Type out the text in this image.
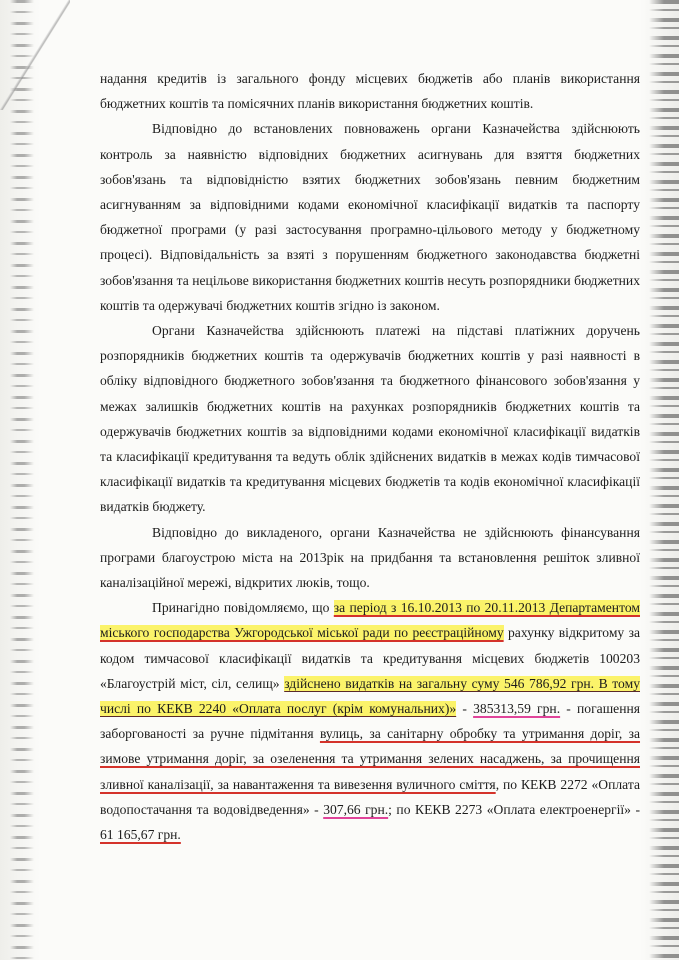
надання кредитів із загального фонду місцевих бюджетів або планів використання бюджетних коштів та помісячних планів використання бюджетних коштів.

Відповідно до встановлених повноважень органи Казначейства здійснюють контроль за наявністю відповідних бюджетних асигнувань для взяття бюджетних зобов'язань та відповідністю взятих бюджетних зобов'язань певним бюджетним асигнуванням за відповідними кодами економічної класифікації видатків та паспорту бюджетної програми (у разі застосування програмно-цільового методу у бюджетному процесі). Відповідальність за взяті з порушенням бюджетного законодавства бюджетні зобов'язання та нецільове використання бюджетних коштів несуть розпорядники бюджетних коштів та одержувачі бюджетних коштів згідно із законом.

Органи Казначейства здійснюють платежі на підставі платіжних доручень розпорядників бюджетних коштів та одержувачів бюджетних коштів у разі наявності в обліку відповідного бюджетного зобов'язання та бюджетного фінансового зобов'язання у межах залишків бюджетних коштів на рахунках розпорядників бюджетних коштів та одержувачів бюджетних коштів за відповідними кодами економічної класифікації видатків та класифікації кредитування та ведуть облік здійснених видатків в межах кодів тимчасової класифікації видатків та кредитування місцевих бюджетів та кодів економічної класифікації видатків бюджету.

Відповідно до викладеного, органи Казначейства не здійснюють фінансування програми благоустрою міста на 2013рік на придбання та встановлення решіток зливної каналізаційної мережі, відкритих люків, тощо.

Принагідно повідомляємо, що за період з 16.10.2013 по 20.11.2013 Департаментом міського господарства Ужгородської міської ради по реєстраційному рахунку відкритому за кодом тимчасової класифікації видатків та кредитування місцевих бюджетів 100203 «Благоустрій міст, сіл, селищ» здійснено видатків на загальну суму 546 786,92 грн. В тому числі по КЕКВ 2240 «Оплата послуг (крім комунальних)» - 385313,59 грн. - погашення заборгованості за ручне підмітання вулиць, за санітарну обробку та утримання доріг, за зимове утримання доріг, за озеленення та утримання зелених насаджень, за прочищення зливної каналізації, за навантаження та вивезення вуличного сміття, по КЕКВ 2272 «Оплата водопостачання та водовідведення» - 307,66 грн.; по КЕКВ 2273 «Оплата електроенергії» - 61 165,67 грн.
